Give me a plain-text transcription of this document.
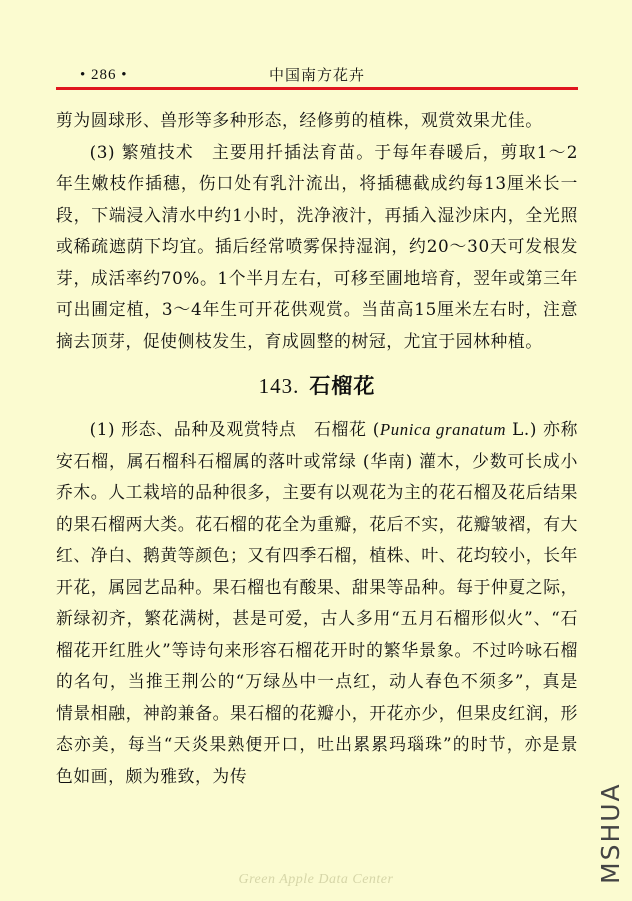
• 286 •	中国南方花卉

剪为圆球形、兽形等多种形态，经修剪的植株，观赏效果尤佳。

(3) 繁殖技术　主要用扦插法育苗。于每年春暖后，剪取1～2年生嫩枝作插穗，伤口处有乳汁流出，将插穗截成约每13厘米长一段，下端浸入清水中约1小时，洗净液汁，再插入湿沙床内，全光照或稀疏遮荫下均宜。插后经常喷雾保持湿润，约20～30天可发根发芽，成活率约70%。1个半月左右，可移至圃地培育，翌年或第三年可出圃定植，3～4年生可开花供观赏。当苗高15厘米左右时，注意摘去顶芽，促使侧枝发生，育成圆整的树冠，尤宜于园林种植。

143. 石榴花

(1) 形态、品种及观赏特点　石榴花 (Punica granatum L.) 亦称安石榴，属石榴科石榴属的落叶或常绿 (华南) 灌木，少数可长成小乔木。人工栽培的品种很多，主要有以观花为主的花石榴及花后结果的果石榴两大类。花石榴的花全为重瓣，花后不实，花瓣皱褶，有大红、净白、鹅黄等颜色；又有四季石榴，植株、叶、花均较小，长年开花，属园艺品种。果石榴也有酸果、甜果等品种。每于仲夏之际，新绿初齐，繁花满树，甚是可爱，古人多用“五月石榴形似火”、“石榴花开红胜火”等诗句来形容石榴花开时的繁华景象。不过吟咏石榴的名句，当推王荆公的“万绿丛中一点红，动人春色不须多”，真是情景相融，神韵兼备。果石榴的花瓣小，开花亦少，但果皮红润，形态亦美，每当“天炎果熟便开口，吐出累累玛瑙珠”的时节，亦是景色如画，颇为雅致，为传

MSHUA
Green Apple Data Center
